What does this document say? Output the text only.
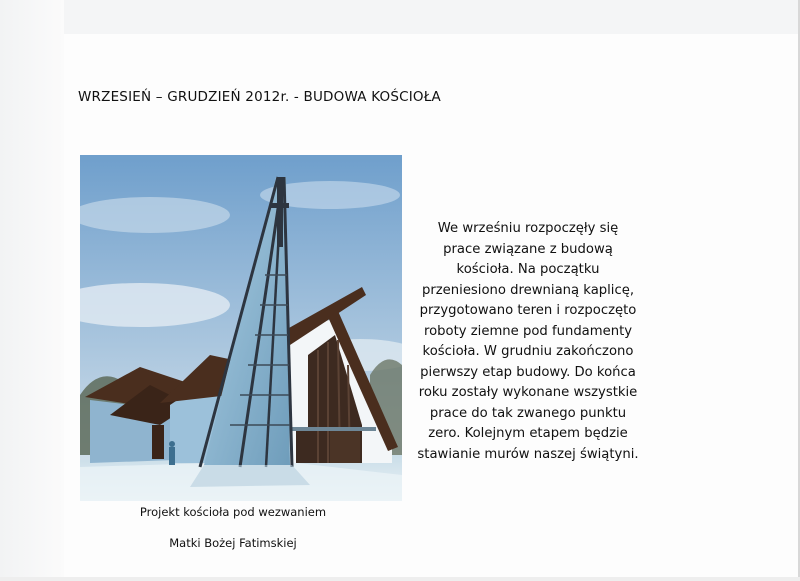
WRZESIEŃ – GRUDZIEŃ 2012r. - BUDOWA KOŚCIOŁA
Projekt kościoła pod wezwaniem
Matki Bożej Fatimskiej
We wrześniu rozpoczęły się
prace związane z budową
kościoła. Na początku
przeniesiono drewnianą kaplicę,
przygotowano teren i rozpoczęto
roboty ziemne pod fundamenty
kościoła. W grudniu zakończono
pierwszy etap budowy. Do końca
roku zostały wykonane wszystkie
prace do tak zwanego punktu
zero. Kolejnym etapem będzie
stawianie murów naszej świątyni.
